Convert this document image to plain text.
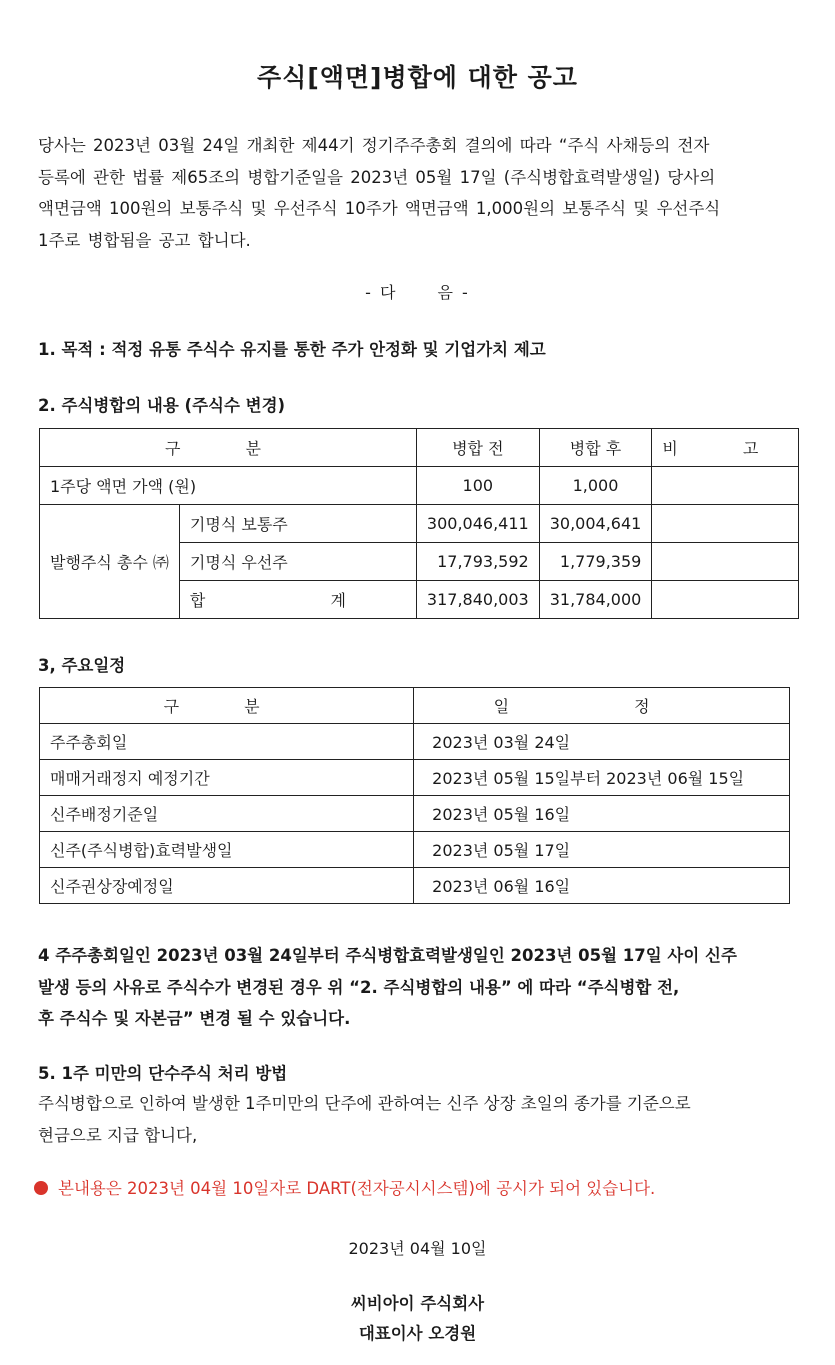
주식[액면]병합에 대한 공고
당사는 2023년 03월 24일 개최한 제44기 정기주주총회 결의에 따라 “주식 사채등의 전자
등록에 관한 법률 제65조의 병합기준일을 2023년 05월 17일 (주식병합효력발생일) 당사의
액면금액 100원의 보통주식 및 우선주식 10주가 액면금액 1,000원의 보통주식 및 우선주식
1주로 병합됨을 공고 합니다.
- 다	음 -
1. 목적 : 적정 유통 주식수 유지를 통한 주가 안정화 및 기업가치 제고
2. 주식병합의 내용 (주식수 변경)
구 분		병합 전	병합 후	비 고
1주당 액면 가액 (원)		100	1,000	
발행주식 총수 ㈜	기명식 보통주	300,046,411	30,004,641	
	기명식 우선주	17,793,592	1,779,359	
	합 계	317,840,003	31,784,000	
3, 주요일정
구 분	일 정
주주총회일	2023년 03월 24일
매매거래정지 예정기간	2023년 05월 15일부터 2023년 06월 15일
신주배정기준일	2023년 05월 16일
신주(주식병합)효력발생일	2023년 05월 17일
신주권상장예정일	2023년 06월 16일
4 주주총회일인 2023년 03월 24일부터 주식병합효력발생일인 2023년 05월 17일 사이 신주
발생 등의 사유로 주식수가 변경된 경우 위 “2. 주식병합의 내용” 에 따라 “주식병합 전,
후 주식수 및 자본금” 변경 될 수 있습니다.
5. 1주 미만의 단수주식 처리 방법
주식병합으로 인하여 발생한 1주미만의 단주에 관하여는 신주 상장 초일의 종가를 기준으로
현금으로 지급 합니다,
본내용은 2023년 04월 10일자로 DART(전자공시시스템)에 공시가 되어 있습니다.
2023년 04월 10일
씨비아이 주식회사
대표이사 오경원
